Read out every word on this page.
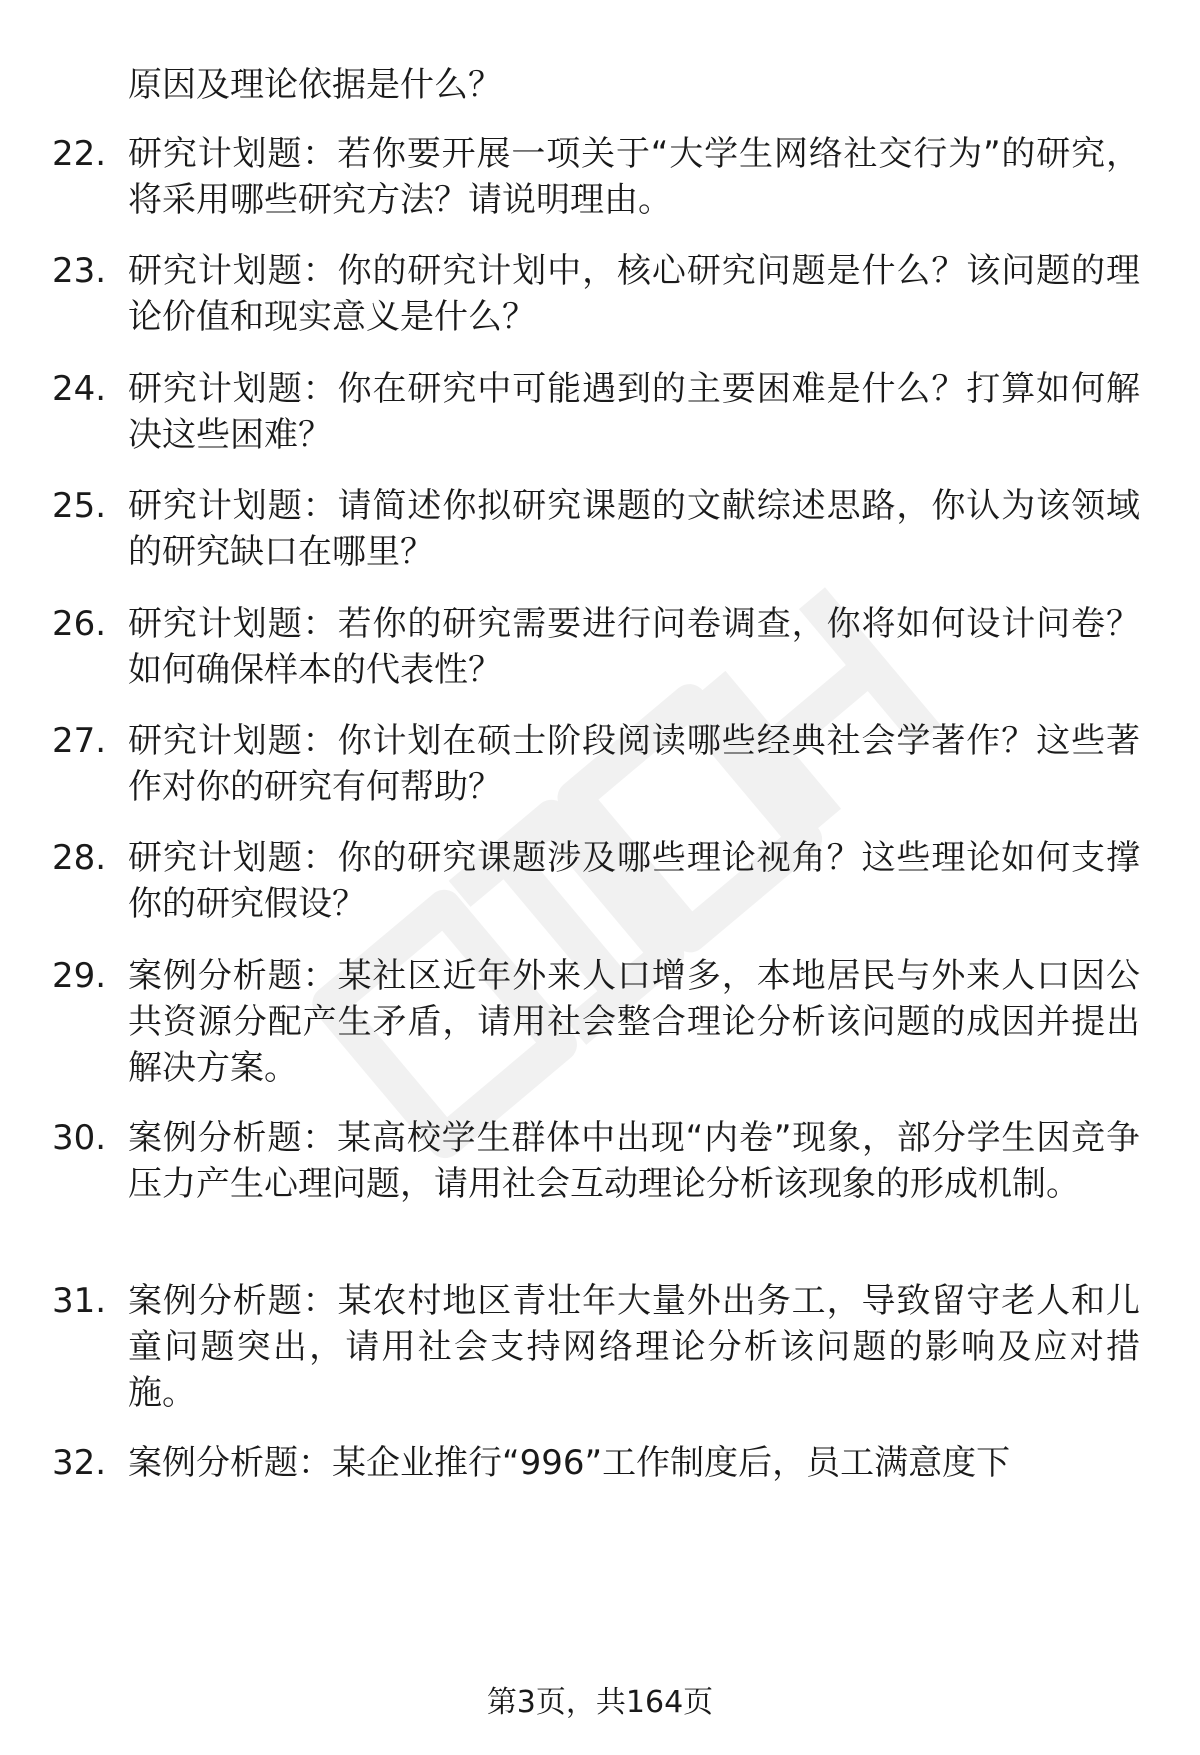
原因及理论依据是什么？
22. 研究计划题：若你要开展一项关于“大学生网络社交行为”的研究，将采用哪些研究方法？请说明理由。
23. 研究计划题：你的研究计划中，核心研究问题是什么？该问题的理论价值和现实意义是什么？
24. 研究计划题：你在研究中可能遇到的主要困难是什么？打算如何解决这些困难？
25. 研究计划题：请简述你拟研究课题的文献综述思路，你认为该领域的研究缺口在哪里？
26. 研究计划题：若你的研究需要进行问卷调查，你将如何设计问卷？如何确保样本的代表性？
27. 研究计划题：你计划在硕士阶段阅读哪些经典社会学著作？这些著作对你的研究有何帮助？
28. 研究计划题：你的研究课题涉及哪些理论视角？这些理论如何支撑你的研究假设？
29. 案例分析题：某社区近年外来人口增多，本地居民与外来人口因公共资源分配产生矛盾，请用社会整合理论分析该问题的成因并提出解决方案。
30. 案例分析题：某高校学生群体中出现“内卷”现象，部分学生因竞争压力产生心理问题，请用社会互动理论分析该现象的形成机制。
31. 案例分析题：某农村地区青壮年大量外出务工，导致留守老人和儿童问题突出，请用社会支持网络理论分析该问题的影响及应对措施。
32. 案例分析题：某企业推行“996”工作制度后，员工满意度下
第3页，共164页
